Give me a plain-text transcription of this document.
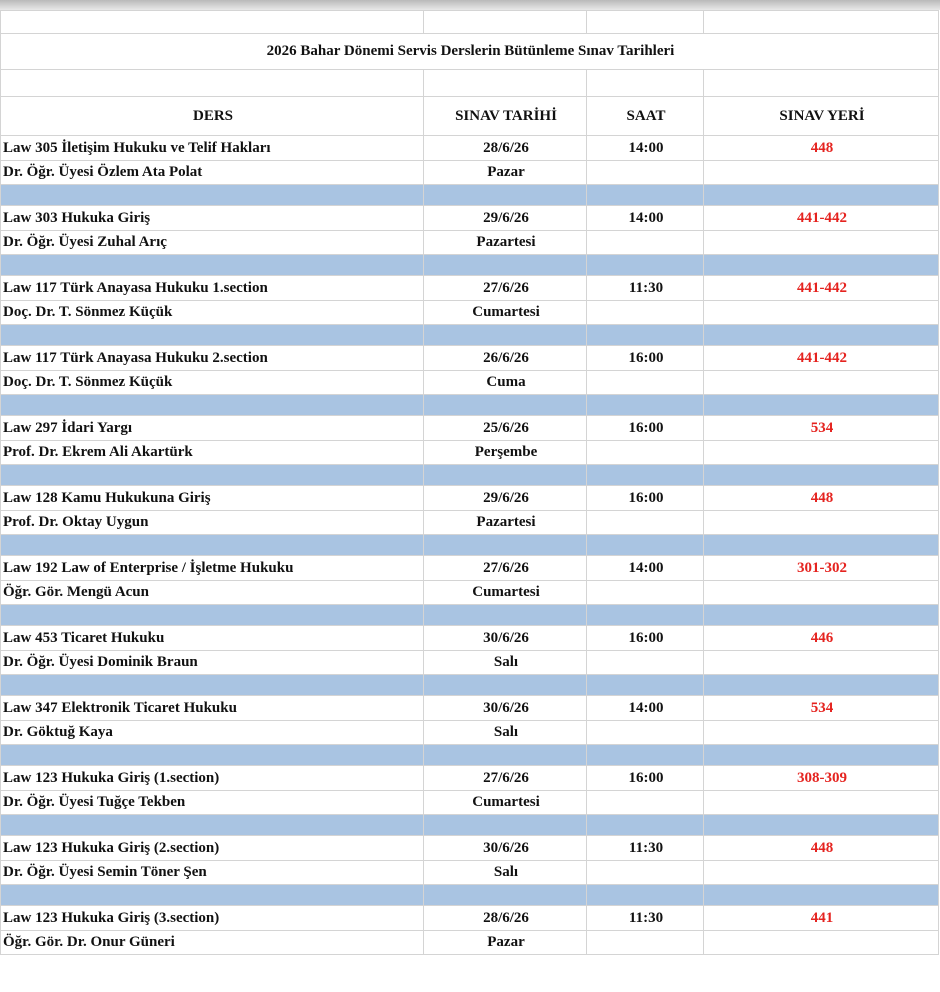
2026 Bahar Dönemi Servis Derslerin Bütünleme Sınav Tarihleri			

DERS	SINAV TARİHİ	SAAT	SINAV YERİ
Law 305 İletişim Hukuku ve Telif Hakları	28/6/26	14:00	448
Dr. Öğr. Üyesi Özlem Ata Polat	Pazar		

Law 303 Hukuka Giriş	29/6/26	14:00	441-442
Dr. Öğr. Üyesi Zuhal Arıç	Pazartesi		

Law 117 Türk Anayasa Hukuku 1.section	27/6/26	11:30	441-442
Doç. Dr. T. Sönmez Küçük	Cumartesi		

Law 117 Türk Anayasa Hukuku 2.section	26/6/26	16:00	441-442
Doç. Dr. T. Sönmez Küçük	Cuma		

Law 297 İdari Yargı	25/6/26	16:00	534
Prof. Dr. Ekrem Ali Akartürk	Perşembe		

Law 128 Kamu Hukukuna Giriş	29/6/26	16:00	448
Prof. Dr. Oktay Uygun	Pazartesi		

Law 192 Law of Enterprise / İşletme Hukuku	27/6/26	14:00	301-302
Öğr. Gör. Mengü Acun	Cumartesi		

Law 453 Ticaret Hukuku	30/6/26	16:00	446
Dr. Öğr. Üyesi Dominik Braun	Salı		

Law 347 Elektronik Ticaret Hukuku	30/6/26	14:00	534
Dr. Göktuğ Kaya	Salı		

Law 123 Hukuka Giriş (1.section)	27/6/26	16:00	308-309
Dr. Öğr. Üyesi Tuğçe Tekben	Cumartesi		

Law 123 Hukuka Giriş (2.section)	30/6/26	11:30	448
Dr. Öğr. Üyesi Semin Töner Şen	Salı		

Law 123 Hukuka Giriş (3.section)	28/6/26	11:30	441
Öğr. Gör. Dr. Onur Güneri	Pazar		
